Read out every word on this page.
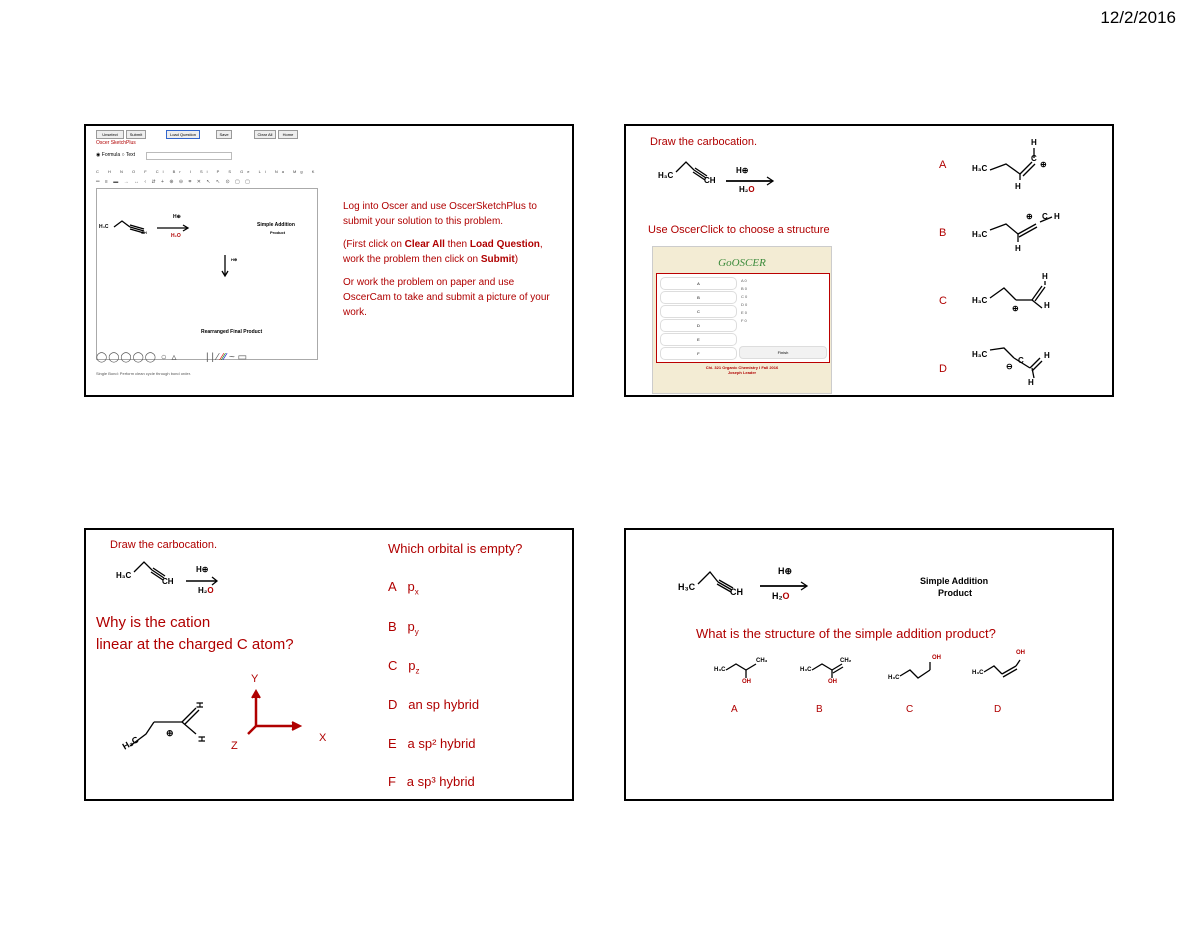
12/2/2016
Unselect	Submit	Load Question	Save	Clear All	Home
Oscer SketchPlus
◉ Formula ○ Text
C H N O F Cl Br I Si P S Ge Li Na Mg K
═ ≡ ▬ → ↔ ‹ ⇵ + ⊕ ⊖ ⌗ ✕ ↖ ↖ ⊙ ▢ ▢
H₃C
CH
H⊕
H₂O
Simple Addition
Product
H⊕
Rearranged Final Product
◯◯◯◯◯ ○ ▵	| | ∕ ∕∕∕ ~ ▭
Single Bond: Perform clean cycle through bond order.
Log into Oscer and use OscerSketchPlus to submit your solution to this problem.
(First click on Clear All then Load Question, work the problem then click on Submit)
Or work the problem on paper and use OscerCam to take and submit a picture of your work.
Draw the carbocation.
H₃C
CH
H⊕
H₂O
Use OscerClick to choose a structure
GoOSCER
A
B
C
D
E
F
A 0
B 0
C 0
D 0
E 0
F 0
Finish
Chi. 321 Organic Chemistry I Fall 2016
Joseph Leader
A
B
C
D
H₃C
H
C
⊕
H
H₃C
⊕ C H
H
H₃C
H
⊕	H
H₃C
C
⊖
H
H
Draw the carbocation.
H₃C
CH
H⊕
H₂O
Why is the cation
linear at the charged C atom?
H₃C
⊕
H
H
Y
X
Z
Which orbital is empty?
A $p_x$
B $p_y$
C $p_z$
D an sp hybrid
E a sp² hybrid
F a sp³ hybrid
H₃C	CH
H⊕
H₂O
Simple Addition
Product
What is the structure of the simple addition product?
H₃C
CH₃
OH
H₃C
CH₂
OH
H₃C
OH
H₃C
OH
A	B	C	D
